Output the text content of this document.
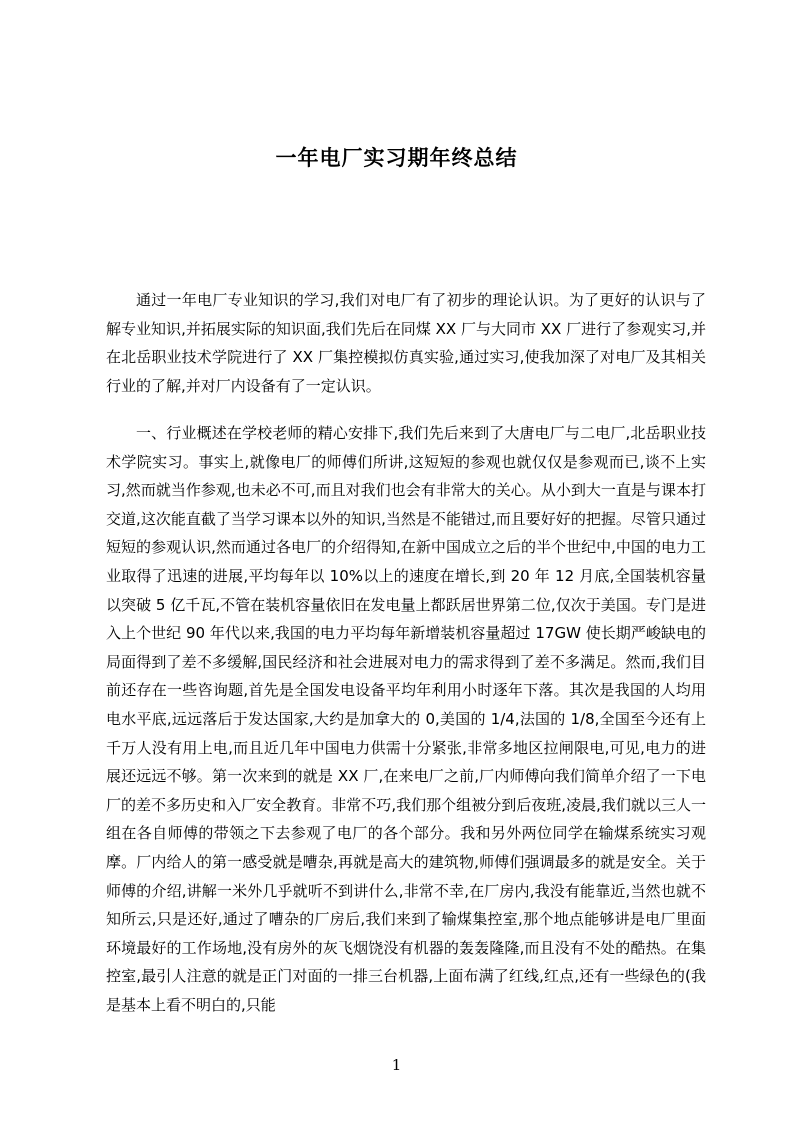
一年电厂实习期年终总结

通过一年电厂专业知识的学习,我们对电厂有了初步的理论认识。为了更好的认识与了解专业知识,并拓展实际的知识面,我们先后在同煤 XX 厂与大同市 XX 厂进行了参观实习,并在北岳职业技术学院进行了 XX 厂集控模拟仿真实验,通过实习,使我加深了对电厂及其相关行业的了解,并对厂内设备有了一定认识。

一、行业概述在学校老师的精心安排下,我们先后来到了大唐电厂与二电厂,北岳职业技术学院实习。事实上,就像电厂的师傅们所讲,这短短的参观也就仅仅是参观而已,谈不上实习,然而就当作参观,也未必不可,而且对我们也会有非常大的关心。从小到大一直是与课本打交道,这次能直截了当学习课本以外的知识,当然是不能错过,而且要好好的把握。尽管只通过短短的参观认识,然而通过各电厂的介绍得知,在新中国成立之后的半个世纪中,中国的电力工业取得了迅速的进展,平均每年以 10%以上的速度在增长,到 20 年 12 月底,全国装机容量以突破 5 亿千瓦,不管在装机容量依旧在发电量上都跃居世界第二位,仅次于美国。专门是进入上个世纪 90 年代以来,我国的电力平均每年新增装机容量超过 17GW 使长期严峻缺电的局面得到了差不多缓解,国民经济和社会进展对电力的需求得到了差不多满足。然而,我们目前还存在一些咨询题,首先是全国发电设备平均年利用小时逐年下落。其次是我国的人均用电水平底,远远落后于发达国家,大约是加拿大的 0,美国的 1/4,法国的 1/8,全国至今还有上千万人没有用上电,而且近几年中国电力供需十分紧张,非常多地区拉闸限电,可见,电力的进展还远远不够。第一次来到的就是 XX 厂,在来电厂之前,厂内师傅向我们简单介绍了一下电厂的差不多历史和入厂安全教育。非常不巧,我们那个组被分到后夜班,凌晨,我们就以三人一组在各自师傅的带领之下去参观了电厂的各个部分。我和另外两位同学在输煤系统实习观摩。厂内给人的第一感受就是嘈杂,再就是高大的建筑物,师傅们强调最多的就是安全。关于师傅的介绍,讲解一米外几乎就听不到讲什么,非常不幸,在厂房内,我没有能靠近,当然也就不知所云,只是还好,通过了嘈杂的厂房后,我们来到了输煤集控室,那个地点能够讲是电厂里面环境最好的工作场地,没有房外的灰飞烟饶没有机器的轰轰隆隆,而且没有不处的酷热。在集控室,最引人注意的就是正门对面的一排三台机器,上面布满了红线,红点,还有一些绿色的(我是基本上看不明白的,只能

1
